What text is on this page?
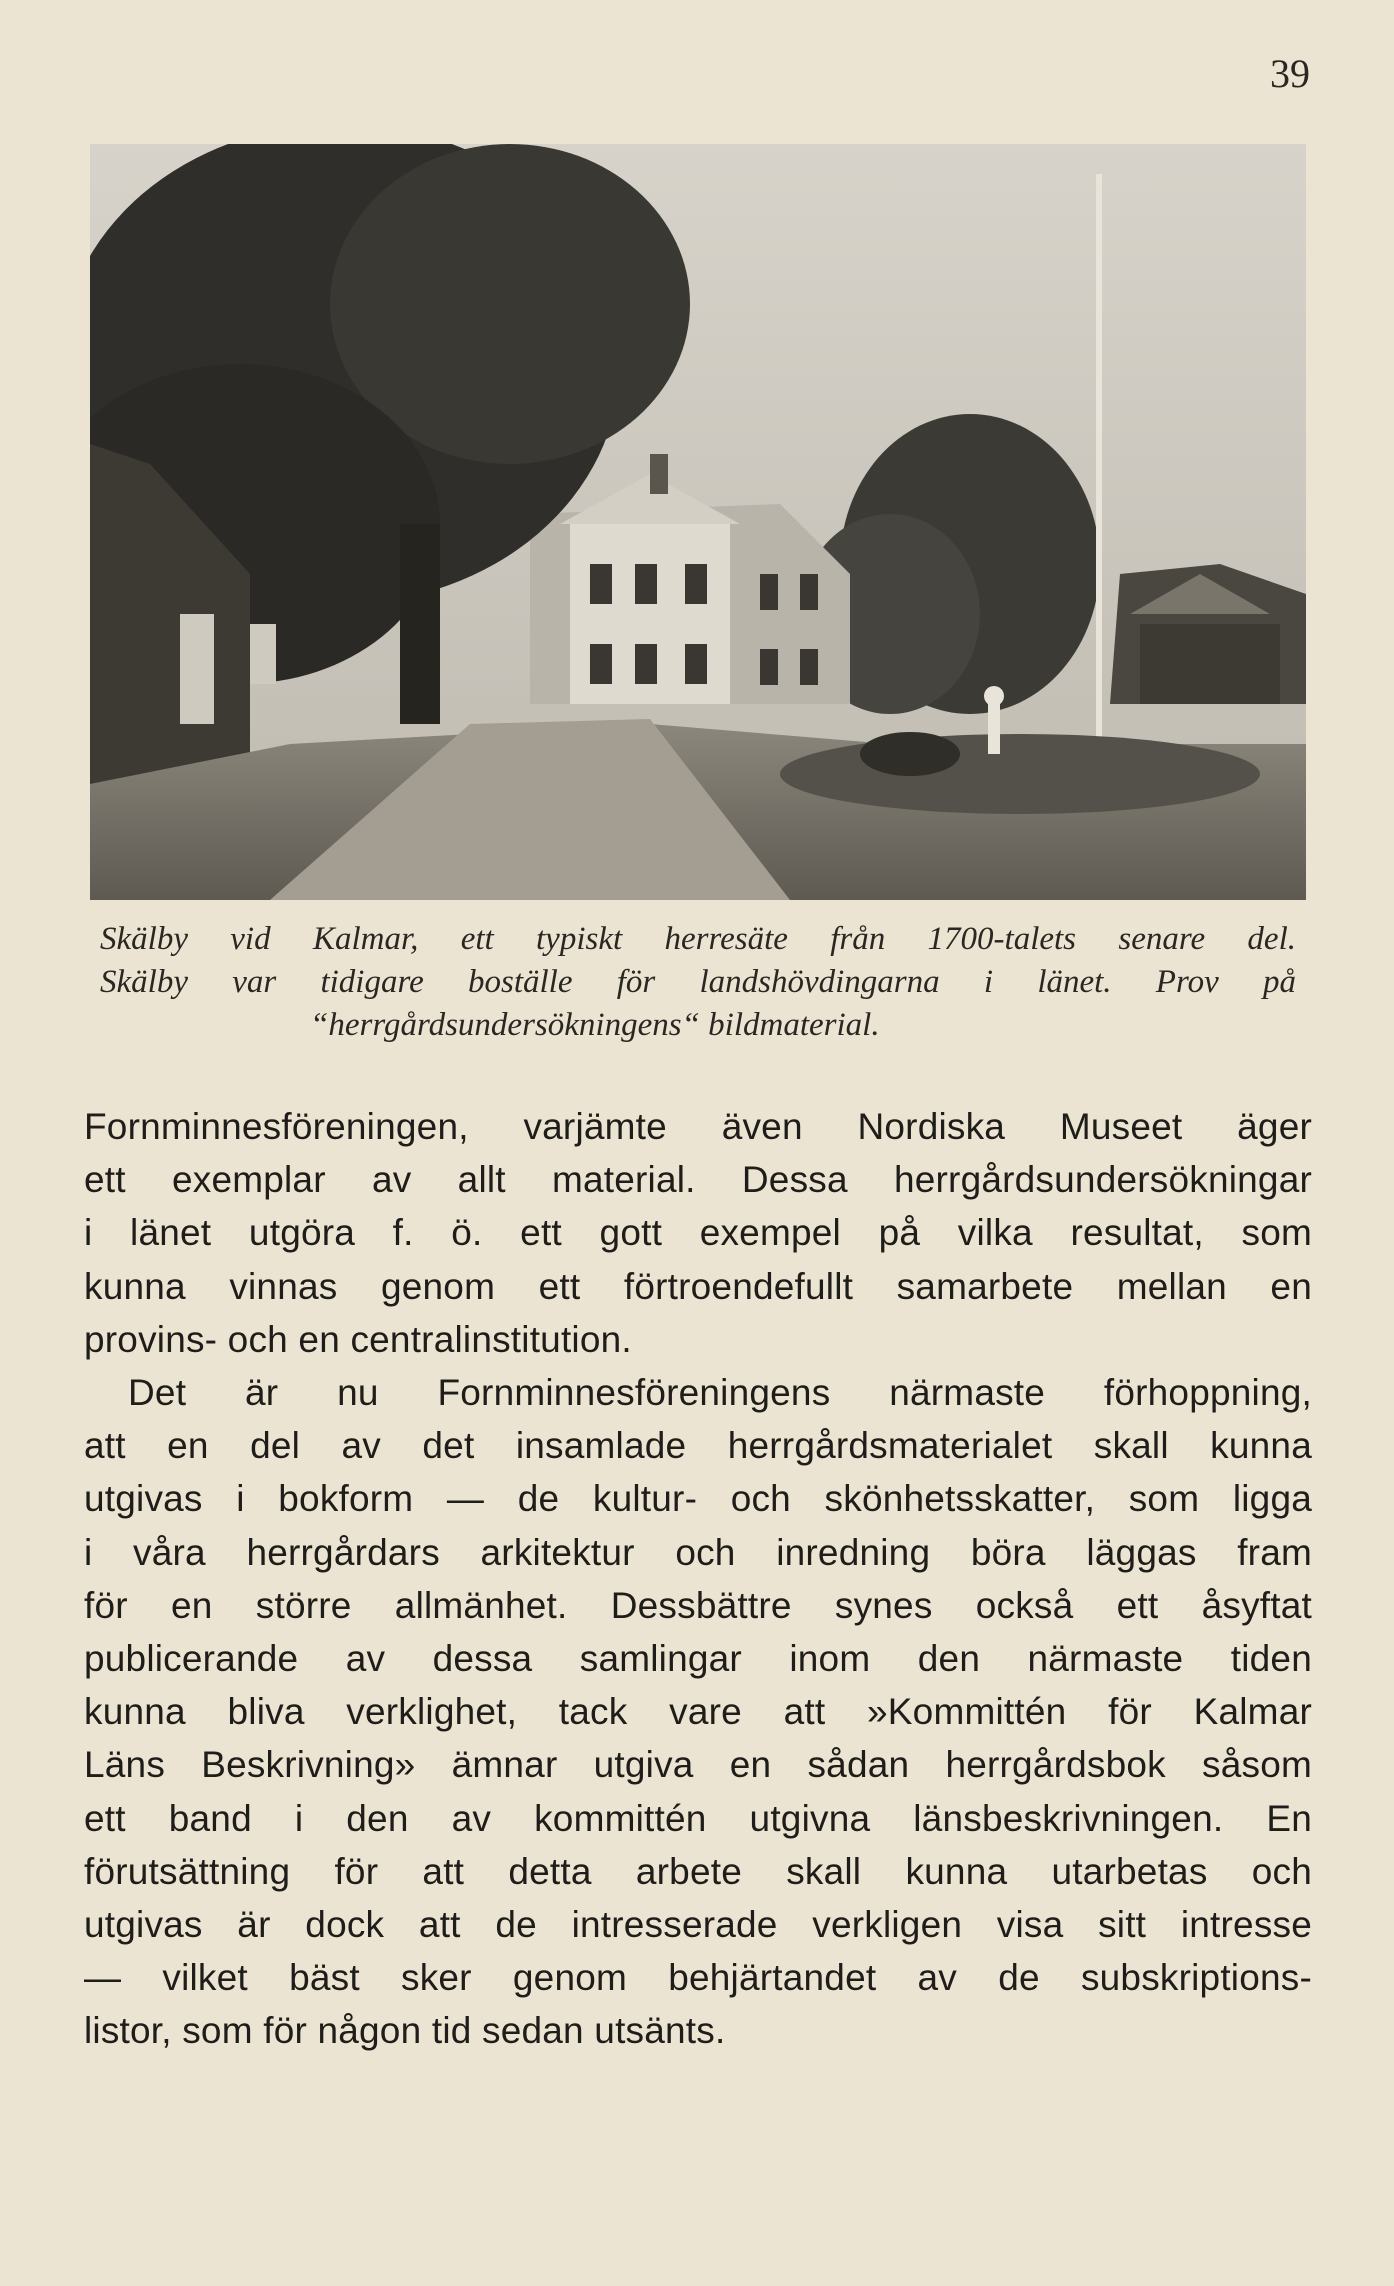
39
Skälby vid Kalmar, ett typiskt herresäte från 1700-talets senare del.
Skälby var tidigare boställe för landshövdingarna i länet. Prov på
“herrgårdsundersökningens“ bildmaterial.
Fornminnesföreningen, varjämte även Nordiska Museet äger
ett exemplar av allt material. Dessa herrgårdsundersökningar
i länet utgöra f. ö. ett gott exempel på vilka resultat, som
kunna vinnas genom ett förtroendefullt samarbete mellan en
provins- och en centralinstitution.
Det är nu Fornminnesföreningens närmaste förhoppning,
att en del av det insamlade herrgårdsmaterialet skall kunna
utgivas i bokform — de kultur- och skönhetsskatter, som ligga
i våra herrgårdars arkitektur och inredning böra läggas fram
för en större allmänhet. Dessbättre synes också ett åsyftat
publicerande av dessa samlingar inom den närmaste tiden
kunna bliva verklighet, tack vare att »Kommittén för Kalmar
Läns Beskrivning» ämnar utgiva en sådan herrgårdsbok såsom
ett band i den av kommittén utgivna länsbeskrivningen. En
förutsättning för att detta arbete skall kunna utarbetas och
utgivas är dock att de intresserade verkligen visa sitt intresse
— vilket bäst sker genom behjärtandet av de subskriptions-
listor, som för någon tid sedan utsänts.
